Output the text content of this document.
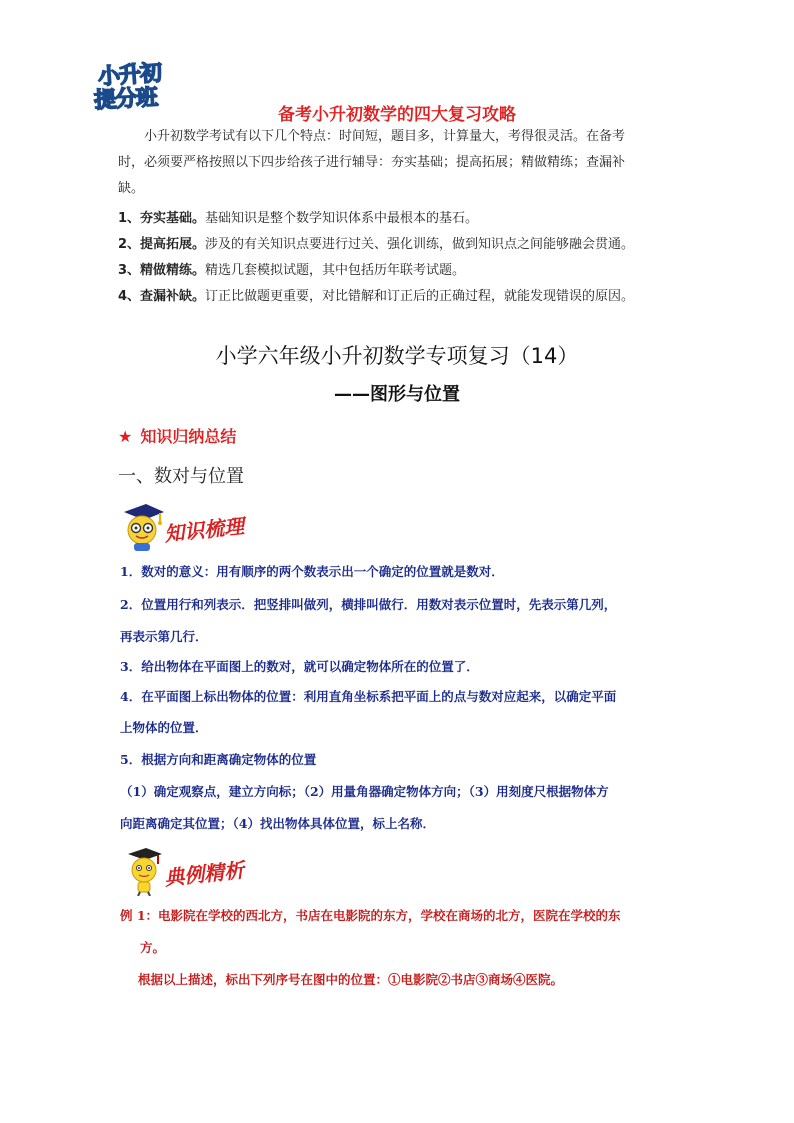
小升初
提分班
备考小升初数学的四大复习攻略
小升初数学考试有以下几个特点：时间短，题目多，计算量大，考得很灵活。在备考
时，必须要严格按照以下四步给孩子进行辅导：夯实基础；提高拓展；精做精练；查漏补
缺。
1、夯实基础。基础知识是整个数学知识体系中最根本的基石。
2、提高拓展。涉及的有关知识点要进行过关、强化训练，做到知识点之间能够融会贯通。
3、精做精练。精选几套模拟试题，其中包括历年联考试题。
4、查漏补缺。订正比做题更重要，对比错解和订正后的正确过程，就能发现错误的原因。
小学六年级小升初数学专项复习（14）
——图形与位置
★ 知识归纳总结
一、数对与位置
知识梳理
1．数对的意义：用有顺序的两个数表示出一个确定的位置就是数对．
2．位置用行和列表示．把竖排叫做列，横排叫做行．用数对表示位置时，先表示第几列，
再表示第几行．
3．给出物体在平面图上的数对，就可以确定物体所在的位置了．
4．在平面图上标出物体的位置：利用直角坐标系把平面上的点与数对应起来，以确定平面
上物体的位置．
5．根据方向和距离确定物体的位置
（1）确定观察点，建立方向标；（2）用量角器确定物体方向；（3）用刻度尺根据物体方
向距离确定其位置；（4）找出物体具体位置，标上名称．
典例精析
例 1：电影院在学校的西北方，书店在电影院的东方，学校在商场的北方，医院在学校的东
方。
根据以上描述，标出下列序号在图中的位置：①电影院②书店③商场④医院。
